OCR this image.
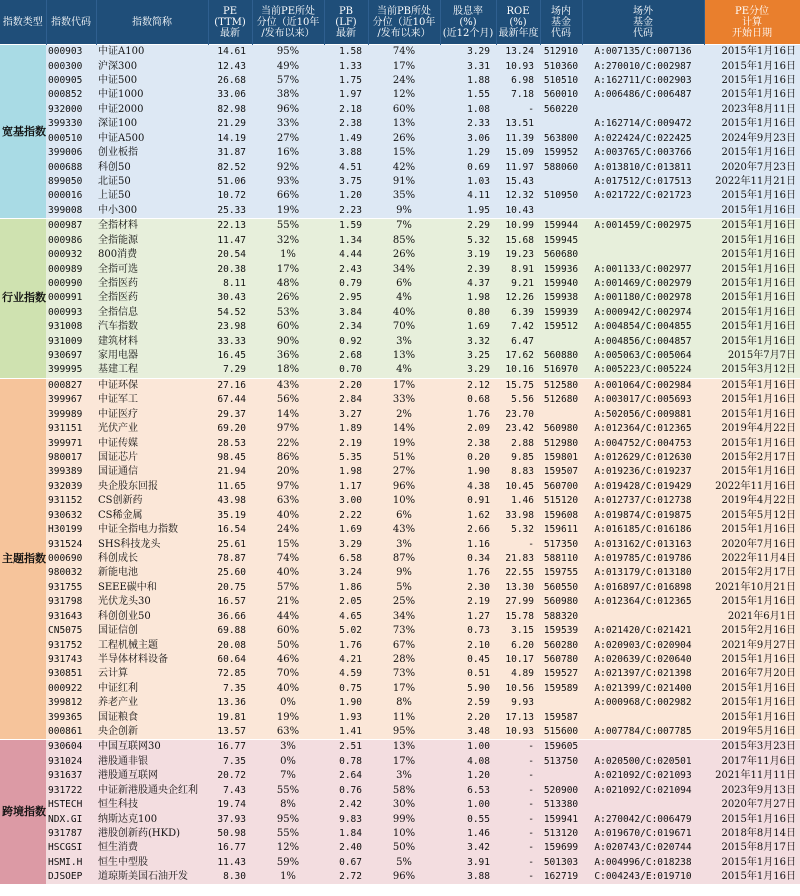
指数类型	指数代码	指数简称	PE
(TTM)
最新	当前PE所处
分位（近10年
/发布以来）	PB
(LF)
最新	当前PB所处
分位（近10年
/发布以来）	股息率
(%)
(近12个月)	ROE
(%)
最新年度	场内
基金
代码	场外
基金
代码	PE分位
计算
开始日期
宽基指数	000903	中证A100	14.61	95%	1.58	74%	3.29	13.24	512910	A:007135/C:007136	2015年1月16日
	000300	沪深300	12.43	49%	1.33	17%	3.31	10.93	510360	A:270010/C:002987	2015年1月16日
	000905	中证500	26.68	57%	1.75	24%	1.88	6.98	510510	A:162711/C:002903	2015年1月16日
	000852	中证1000	33.06	38%	1.97	12%	1.55	7.18	560010	A:006486/C:006487	2015年1月16日
	932000	中证2000	82.98	96%	2.18	60%	1.08	-	560220		2023年8月11日
	399330	深证100	21.29	33%	2.38	13%	2.33	13.51		A:162714/C:009472	2015年1月16日
	000510	中证A500	14.19	27%	1.49	26%	3.06	11.39	563800	A:022424/C:022425	2024年9月23日
	399006	创业板指	31.87	16%	3.88	15%	1.29	15.09	159952	A:003765/C:003766	2015年1月16日
	000688	科创50	82.52	92%	4.51	42%	0.69	11.97	588060	A:013810/C:013811	2020年7月23日
	899050	北证50	51.06	93%	3.75	91%	1.03	15.43		A:017512/C:017513	2022年11月21日
	000016	上证50	10.72	66%	1.20	35%	4.11	12.32	510950	A:021722/C:021723	2015年1月16日
	399008	中小300	25.33	19%	2.23	9%	1.95	10.43			2015年1月16日
行业指数	000987	全指材料	22.13	55%	1.59	7%	2.29	10.99	159944	A:001459/C:002975	2015年1月16日
	000986	全指能源	11.47	32%	1.34	85%	5.32	15.68	159945		2015年1月16日
	000932	800消费	20.54	1%	4.44	26%	3.19	19.23	560680		2015年1月16日
	000989	全指可选	20.38	17%	2.43	34%	2.39	8.91	159936	A:001133/C:002977	2015年1月16日
	000990	全指医药	8.11	48%	0.79	6%	4.37	9.21	159940	A:001469/C:002979	2015年1月16日
	000991	全指医药	30.43	26%	2.95	4%	1.98	12.26	159938	A:001180/C:002978	2015年1月16日
	000993	全指信息	54.52	53%	3.84	40%	0.80	6.39	159939	A:000942/C:002974	2015年1月16日
	931008	汽车指数	23.98	60%	2.34	70%	1.69	7.42	159512	A:004854/C:004855	2015年1月16日
	931009	建筑材料	33.33	90%	0.92	3%	3.32	6.47		A:004856/C:004857	2015年1月16日
	930697	家用电器	16.45	36%	2.68	13%	3.25	17.62	560880	A:005063/C:005064	2015年7月7日
	399995	基建工程	7.29	18%	0.70	4%	3.29	10.16	516970	A:005223/C:005224	2015年3月12日
主题指数	000827	中证环保	27.16	43%	2.20	17%	2.12	15.75	512580	A:001064/C:002984	2015年1月16日
	399967	中证军工	67.44	56%	2.84	33%	0.68	5.56	512680	A:003017/C:005693	2015年1月16日
	399989	中证医疗	29.37	14%	3.27	2%	1.76	23.70		A:502056/C:009881	2015年1月16日
	931151	光伏产业	69.20	97%	1.89	14%	2.09	23.42	560980	A:012364/C:012365	2019年4月22日
	399971	中证传媒	28.53	22%	2.19	19%	2.38	2.88	512980	A:004752/C:004753	2015年1月16日
	980017	国证芯片	98.45	86%	5.35	51%	0.20	9.85	159801	A:012629/C:012630	2015年2月17日
	399389	国证通信	21.94	20%	1.98	27%	1.90	8.83	159507	A:019236/C:019237	2015年1月16日
	932039	央企股东回报	11.65	97%	1.17	96%	4.38	10.45	560700	A:019428/C:019429	2022年11月16日
	931152	CS创新药	43.98	63%	3.00	10%	0.91	1.46	515120	A:012737/C:012738	2019年4月22日
	930632	CS稀金属	35.19	40%	2.22	6%	1.62	33.98	159608	A:019874/C:019875	2015年5月12日
	H30199	中证全指电力指数	16.54	24%	1.69	43%	2.66	5.32	159611	A:016185/C:016186	2015年1月16日
	931524	SHS科技龙头	25.61	15%	3.29	3%	1.16	-	517350	A:013162/C:013163	2020年7月16日
	000690	科创成长	78.87	74%	6.58	87%	0.34	21.83	588110	A:019785/C:019786	2022年11月4日
	980032	新能电池	25.60	40%	3.24	9%	1.76	22.55	159755	A:013179/C:013180	2015年2月17日
	931755	SEEE碳中和	20.75	57%	1.86	5%	2.30	13.30	560550	A:016897/C:016898	2021年10月21日
	931798	光伏龙头30	16.57	21%	2.05	25%	2.19	27.99	560980	A:012364/C:012365	2015年1月16日
	931643	科创创业50	36.66	44%	4.65	34%	1.27	15.78	588320		2021年6月1日
	CN5075	国证信创	69.88	60%	5.02	73%	0.73	3.15	159539	A:021420/C:021421	2015年2月16日
	931752	工程机械主题	20.08	50%	1.76	67%	2.10	6.20	560280	A:020903/C:020904	2021年9月27日
	931743	半导体材料设备	60.64	46%	4.21	28%	0.45	10.17	560780	A:020639/C:020640	2015年1月16日
	930851	云计算	72.85	70%	4.59	73%	0.51	4.89	159527	A:021397/C:021398	2016年7月20日
	000922	中证红利	7.35	40%	0.75	17%	5.90	10.56	159589	A:021399/C:021400	2015年1月16日
	399812	养老产业	13.36	0%	1.90	8%	2.59	9.93		A:000968/C:002982	2015年1月16日
	399365	国证粮食	19.81	19%	1.93	11%	2.20	17.13	159587		2015年1月16日
	000861	央企创新	13.57	63%	1.41	95%	3.48	10.93	515600	A:007784/C:007785	2019年5月16日
跨境指数	930604	中国互联网30	16.77	3%	2.51	13%	1.00	-	159605		2015年3月23日
	931024	港股通非银	7.35	0%	0.78	17%	4.08	-	513750	A:020500/C:020501	2017年11月6日
	931637	港股通互联网	20.72	7%	2.64	3%	1.20	-		A:021092/C:021093	2021年11月11日
	931722	中证新港股通央企红利	7.43	55%	0.76	58%	6.53	-	520900	A:021092/C:021094	2023年9月13日
	HSTECH	恒生科技	19.74	8%	2.42	30%	1.00	-	513380		2020年7月27日
	NDX.GI	纳斯达克100	37.93	95%	9.83	99%	0.55	-	159941	A:270042/C:006479	2015年1月16日
	931787	港股创新药(HKD)	50.98	55%	1.84	10%	1.46	-	513120	A:019670/C:019671	2018年8月14日
	HSCGSI	恒生消费	16.77	12%	2.40	50%	3.42	-	159699	A:020743/C:020744	2015年8月17日
	HSMI.H	恒生中型股	11.43	59%	0.67	5%	3.91	-	501303	A:004996/C:018238	2015年1月16日
	DJSOEP	道琼斯美国石油开发	8.30	1%	2.72	96%	3.88	-	162719	C:004243/E:019710	2015年1月16日
